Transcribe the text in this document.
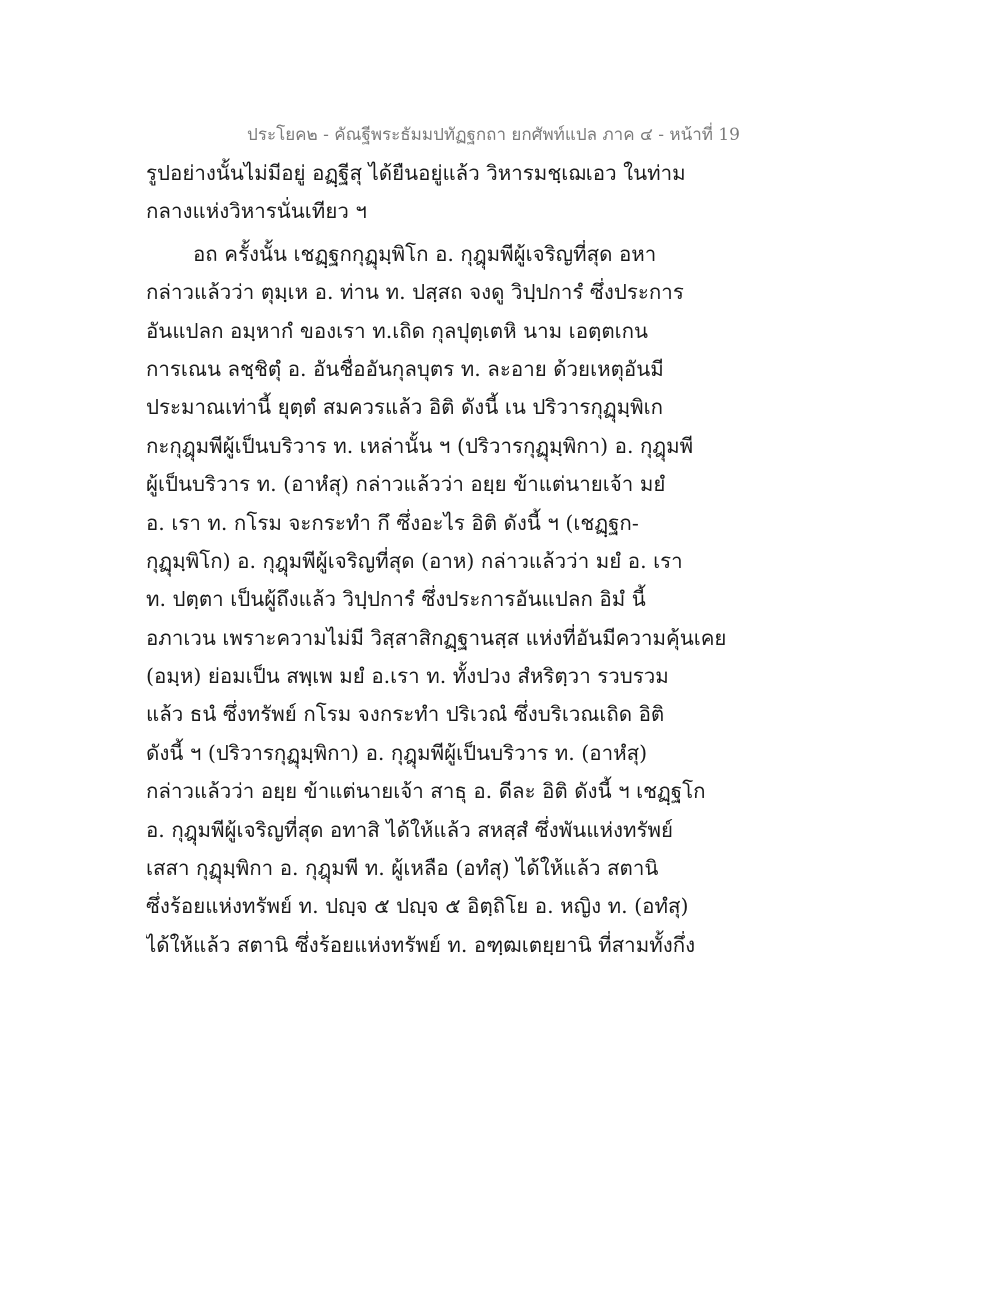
ประโยค๒ - คัณฐีพระธัมมปทัฏฐกถา ยกศัพท์แปล ภาค ๔ - หน้าที่ 19
รูปอย่างนั้นไม่มีอยู่ อฏฺฐีสุ ได้ยืนอยู่แล้ว วิหารมชฺเฌเอว ในท่าม
กลางแห่งวิหารนั่นเทียว ฯ
อถ ครั้งนั้น เชฏฺฐกกุฏุมฺพิโก อ. กุฎุมพีผู้เจริญที่สุด อหา
กล่าวแล้วว่า ตุมฺเห อ. ท่าน ท. ปสฺสถ จงดู วิปฺปการํ ซึ่งประการ
อันแปลก อมฺหากํ ของเรา ท.เถิด กุลปุตฺเตหิ นาม เอตฺตเกน
การเณน ลชฺชิตุํ อ. อันชื่ออันกุลบุตร ท. ละอาย ด้วยเหตุอันมี
ประมาณเท่านี้ ยุตฺตํ สมควรแล้ว อิติ ดังนี้ เน ปริวารกุฏุมฺพิเก
กะกุฎุมพีผู้เป็นบริวาร ท. เหล่านั้น ฯ (ปริวารกุฏุมฺพิกา) อ. กุฎุมพี
ผู้เป็นบริวาร ท. (อาหํสุ) กล่าวแล้วว่า อยฺย ข้าแต่นายเจ้า มยํ
อ. เรา ท. กโรม จะกระทำ กึ ซึ่งอะไร อิติ ดังนี้ ฯ (เชฏฺฐก-
กุฏุมฺพิโก) อ. กุฎุมพีผู้เจริญที่สุด (อาห) กล่าวแล้วว่า มยํ อ. เรา
ท. ปตฺตา เป็นผู้ถึงแล้ว วิปฺปการํ ซึ่งประการอันแปลก อิมํ นี้
อภาเวน เพราะความไม่มี วิสฺสาสิกฏฺฐานสฺส แห่งที่อันมีความคุ้นเคย
(อมฺห) ย่อมเป็น สพฺเพ มยํ อ.เรา ท. ทั้งปวง สํหริตฺวา รวบรวม
แล้ว ธนํ ซึ่งทรัพย์ กโรม จงกระทำ ปริเวณํ ซึ่งบริเวณเถิด อิติ
ดังนี้ ฯ (ปริวารกุฏุมฺพิกา) อ. กุฎุมพีผู้เป็นบริวาร ท. (อาหํสุ)
กล่าวแล้วว่า อยฺย ข้าแต่นายเจ้า สาธุ อ. ดีละ อิติ ดังนี้ ฯ เชฏฺฐโก
อ. กุฎุมพีผู้เจริญที่สุด อทาสิ ได้ให้แล้ว สหสฺสํ ซึ่งพันแห่งทรัพย์
เสสา กุฏุมฺพิกา อ. กุฎุมพี ท. ผู้เหลือ (อทํสุ) ได้ให้แล้ว สตานิ
ซึ่งร้อยแห่งทรัพย์ ท. ปญฺจ ๕ ปญฺจ ๕ อิตฺถิโย อ. หญิง ท. (อทํสุ)
ได้ให้แล้ว สตานิ ซึ่งร้อยแห่งทรัพย์ ท. อฑฺฒเตยฺยานิ ที่สามทั้งกึ่ง
